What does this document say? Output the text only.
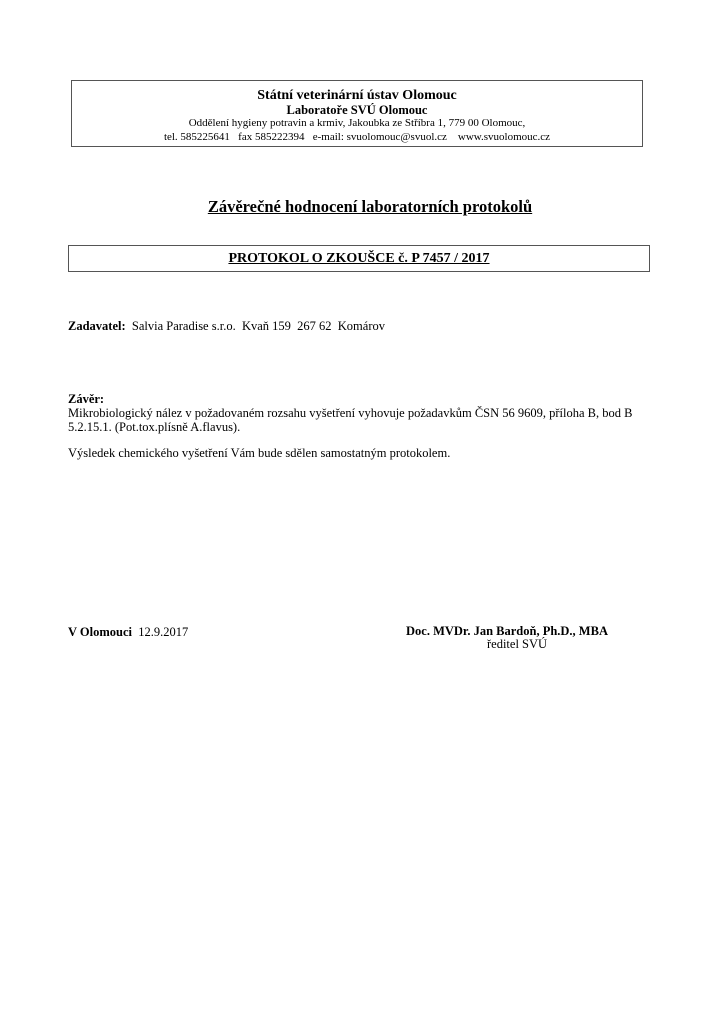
Státní veterinární ústav Olomouc
Laboratoře SVÚ Olomouc
Oddělení hygieny potravin a krmiv, Jakoubka ze Stříbra 1, 779 00 Olomouc,
tel. 585225641   fax 585222394   e-mail: svuolomouc@svuol.cz    www.svuolomouc.cz
Závěrečné hodnocení laboratorních protokolů
PROTOKOL O ZKOUŠCE č. P 7457 / 2017
Zadavatel: Salvia Paradise s.r.o.  Kvaň 159  267 62  Komárov
Závěr:
Mikrobiologický nález v požadovaném rozsahu vyšetření vyhovuje požadavkům ČSN 56 9609, příloha B, bod B 5.2.15.1. (Pot.tox.plísně A.flavus).
Výsledek chemického vyšetření Vám bude sdělen samostatným protokolem.
V Olomouci 12.9.2017	Doc. MVDr. Jan Bardoň, Ph.D., MBA
ředitel SVÚ
